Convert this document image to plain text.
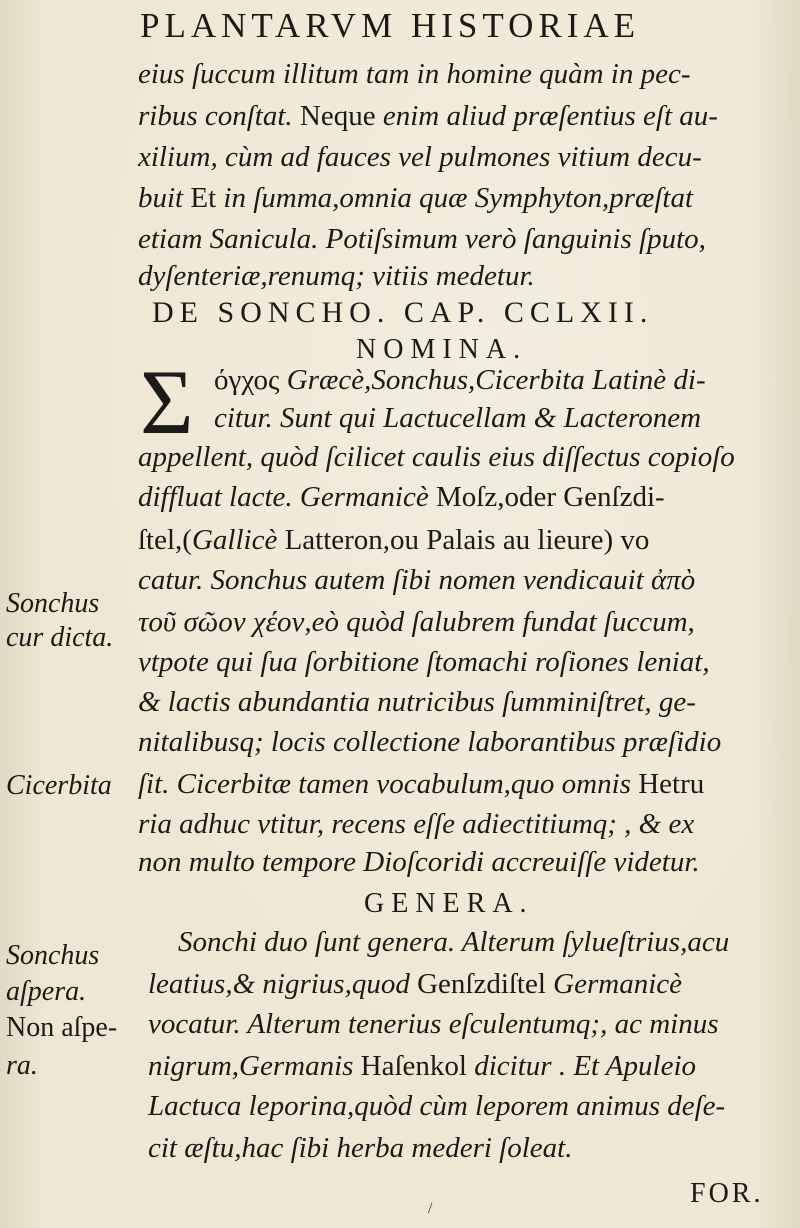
PLANTARVM HISTORIAE
eius ſuccum illitum tam in homine quàm in pec-
ribus conſtat. Neque enim aliud præſentius eſt au-
xilium, cùm ad fauces vel pulmones vitium decu-
buit Et in ſumma,omnia quæ Symphyton,præſtat
etiam Sanicula. Potiſsimum verò ſanguinis ſputo,
dyſenteriæ,renumq; vitiis medetur.
DE SONCHO. CAP. CCLXII.
NOMINA.
Σ όγχος Græcè,Sonchus,Cicerbita Latinè di-
citur. Sunt qui Lactucellam & Lacteronem
appellent, quòd ſcilicet caulis eius diſſectus copioſo
diffluat lacte. Germanicè Moſz,oder Genſzdi-
ſtel,(Gallicè Latteron,ou Palais au lieure) vo
catur. Sonchus autem ſibi nomen vendicauit ἀπὸ
τοῦ σῶον χέον,eò quòd ſalubrem fundat ſuccum,
vtpote qui ſua ſorbitione ſtomachi roſiones leniat,
& lactis abundantia nutricibus ſumminiſtret, ge-
nitalibusq; locis collectione laborantibus præſidio
ſit. Cicerbitæ tamen vocabulum,quo omnis Hetru
ria adhuc vtitur, recens eſſe adiectitiumq; , & ex
non multo tempore Dioſcoridi accreuiſſe videtur.
GENERA.
Sonchi duo ſunt genera. Alterum ſylueſtrius,acu
leatius,& nigrius,quod Genſzdiſtel Germanicè
vocatur. Alterum tenerius eſculentumq;, ac minus
nigrum,Germanis Haſenkol dicitur . Et Apuleio
Lactuca leporina,quòd cùm leporem animus deſe-
cit æſtu,hac ſibi herba mederi ſoleat.
Sonchus
cur dicta.
Cicerbita
Sonchus
aſpera.
Non aſpe-
ra.
FOR.
/
